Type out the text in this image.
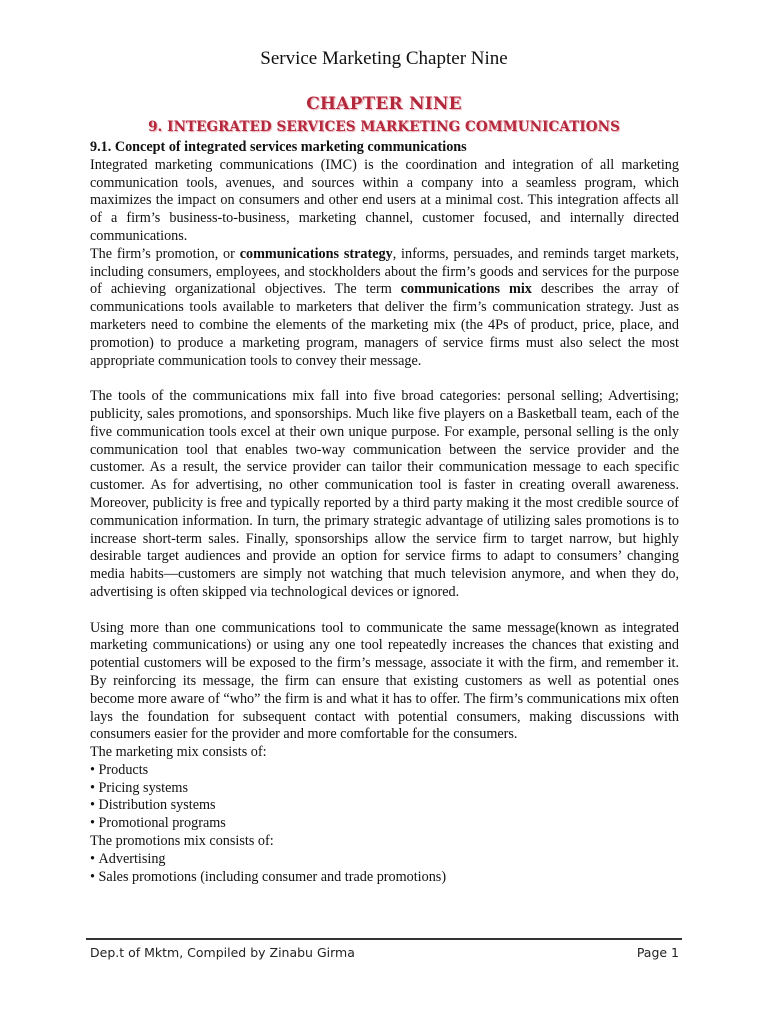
Service Marketing Chapter Nine
CHAPTER NINE
9. INTEGRATED SERVICES MARKETING COMMUNICATIONS

9.1. Concept of integrated services marketing communications

Integrated marketing communications (IMC) is the coordination and integration of all marketing communication tools, avenues, and sources within a company into a seamless program, which maximizes the impact on consumers and other end users at a minimal cost. This integration affects all of a firm’s business-to-business, marketing channel, customer focused, and internally directed communications.

The firm’s promotion, or communications strategy, informs, persuades, and reminds target markets, including consumers, employees, and stockholders about the firm’s goods and services for the purpose of achieving organizational objectives. The term communications mix describes the array of communications tools available to marketers that deliver the firm’s communication strategy. Just as marketers need to combine the elements of the marketing mix (the 4Ps of product, price, place, and promotion) to produce a marketing program, managers of service firms must also select the most appropriate communication tools to convey their message.

The tools of the communications mix fall into five broad categories: personal selling; Advertising; publicity, sales promotions, and sponsorships. Much like five players on a Basketball team, each of the five communication tools excel at their own unique purpose. For example, personal selling is the only communication tool that enables two-way communication between the service provider and the customer. As a result, the service provider can tailor their communication message to each specific customer. As for advertising, no other communication tool is faster in creating overall awareness. Moreover, publicity is free and typically reported by a third party making it the most credible source of communication information. In turn, the primary strategic advantage of utilizing sales promotions is to increase short-term sales. Finally, sponsorships allow the service firm to target narrow, but highly desirable target audiences and provide an option for service firms to adapt to consumers’ changing media habits—customers are simply not watching that much television anymore, and when they do, advertising is often skipped via technological devices or ignored.

Using more than one communications tool to communicate the same message(known as integrated marketing communications) or using any one tool repeatedly increases the chances that existing and potential customers will be exposed to the firm’s message, associate it with the firm, and remember it. By reinforcing its message, the firm can ensure that existing customers as well as potential ones become more aware of “who” the firm is and what it has to offer. The firm’s communications mix often lays the foundation for subsequent contact with potential consumers, making discussions with consumers easier for the provider and more comfortable for the consumers.

The marketing mix consists of:

• Products
• Pricing systems
• Distribution systems
• Promotional programs

The promotions mix consists of:

• Advertising
• Sales promotions (including consumer and trade promotions)
Dep.t of Mktm, Compiled by Zinabu Girma	Page 1
